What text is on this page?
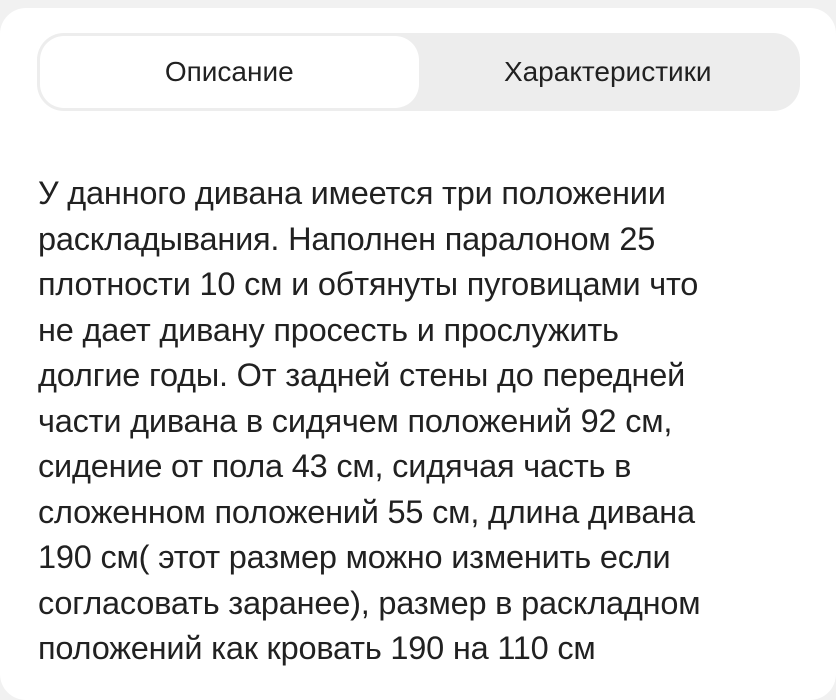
Описание	Характеристики
У данного дивана имеется три положении
раскладывания. Наполнен паралоном 25
плотности 10 см и обтянуты пуговицами что
не дает дивану просесть и прослужить
долгие годы. От задней стены до передней
части дивана в сидячем положений 92 см,
сидение от пола 43 см, сидячая часть в
сложенном положений 55 см, длина дивана
190 см( этот размер можно изменить если
согласовать заранее), размер в раскладном
положений как кровать 190 на 110 см
